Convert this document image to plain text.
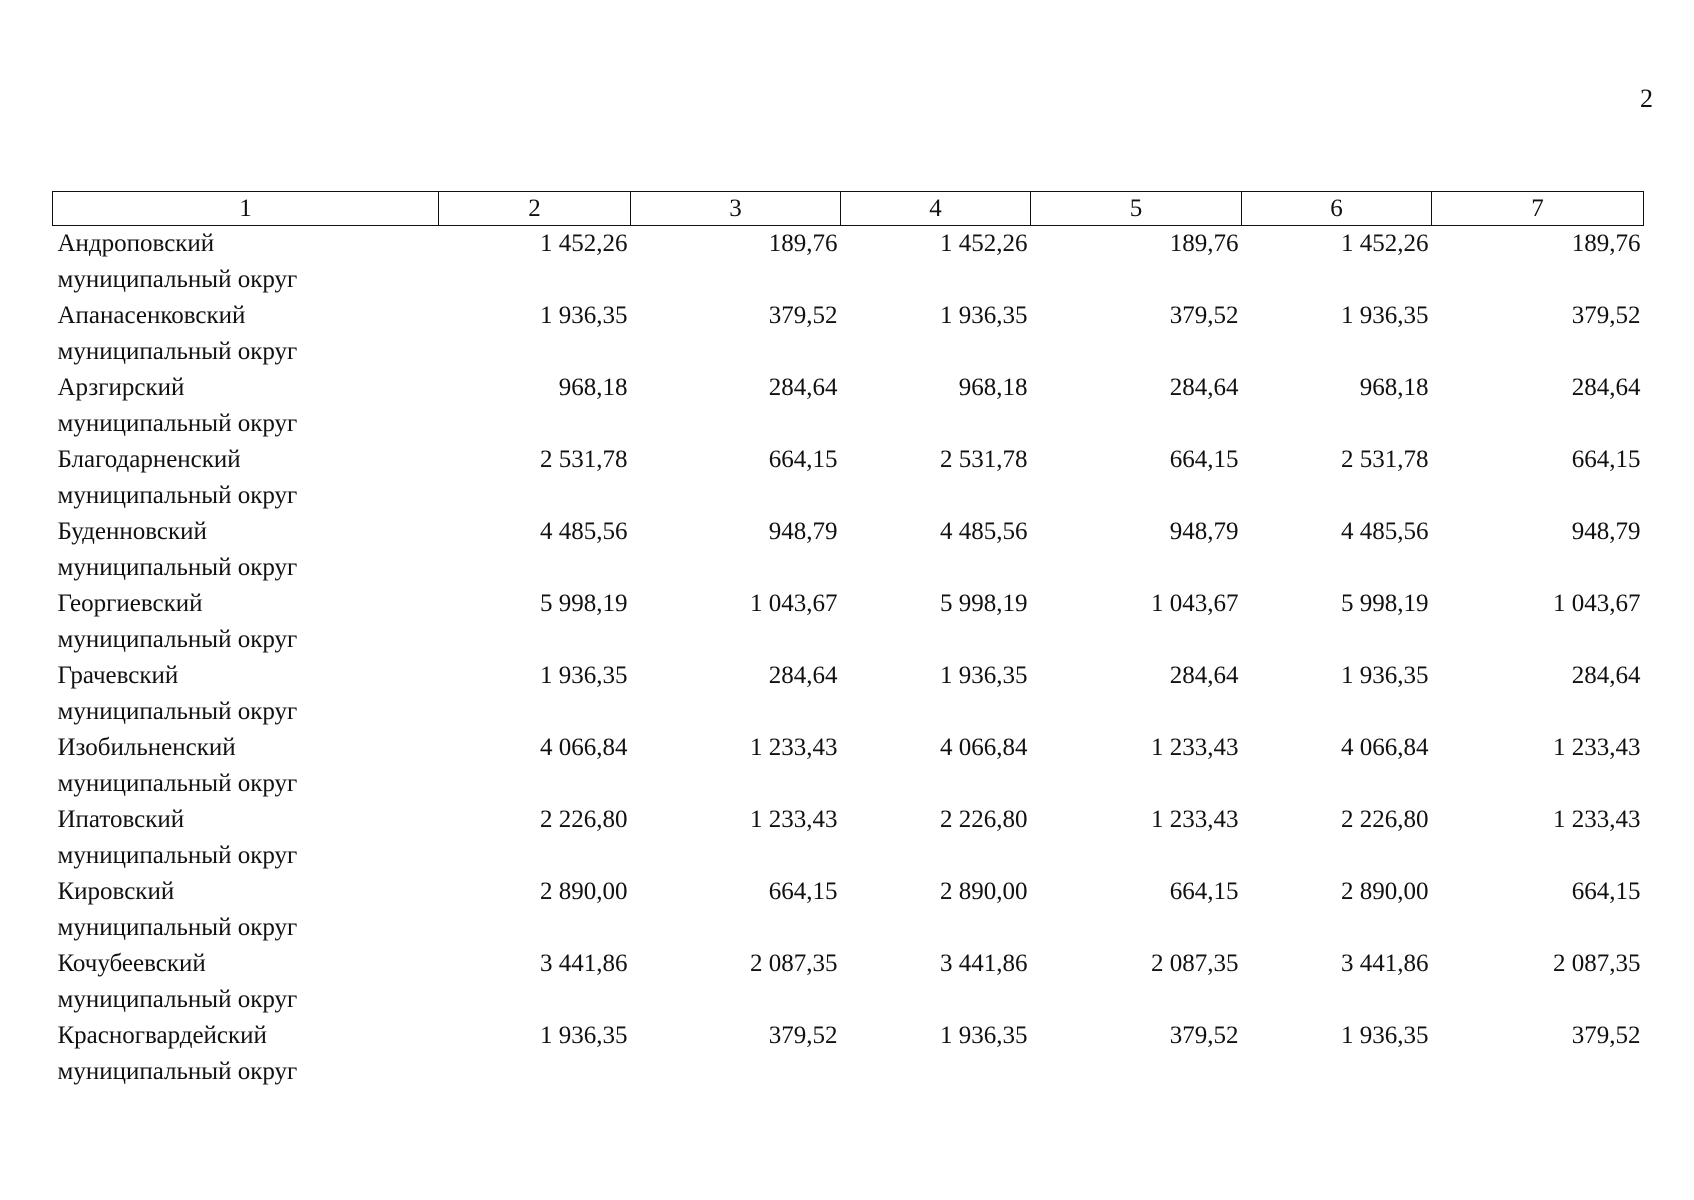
2
1	2	3	4	5	6	7

Андроповский
муниципальный округ	1 452,26	189,76	1 452,26	189,76	1 452,26	189,76

Апанасенковский
муниципальный округ	1 936,35	379,52	1 936,35	379,52	1 936,35	379,52

Арзгирский
муниципальный округ	968,18	284,64	968,18	284,64	968,18	284,64

Благодарненский
муниципальный округ	2 531,78	664,15	2 531,78	664,15	2 531,78	664,15

Буденновский
муниципальный округ	4 485,56	948,79	4 485,56	948,79	4 485,56	948,79

Георгиевский
муниципальный округ	5 998,19	1 043,67	5 998,19	1 043,67	5 998,19	1 043,67

Грачевский
муниципальный округ	1 936,35	284,64	1 936,35	284,64	1 936,35	284,64

Изобильненский
муниципальный округ	4 066,84	1 233,43	4 066,84	1 233,43	4 066,84	1 233,43

Ипатовский
муниципальный округ	2 226,80	1 233,43	2 226,80	1 233,43	2 226,80	1 233,43

Кировский
муниципальный округ	2 890,00	664,15	2 890,00	664,15	2 890,00	664,15

Кочубеевский
муниципальный округ	3 441,86	2 087,35	3 441,86	2 087,35	3 441,86	2 087,35

Красногвардейский
муниципальный округ	1 936,35	379,52	1 936,35	379,52	1 936,35	379,52
